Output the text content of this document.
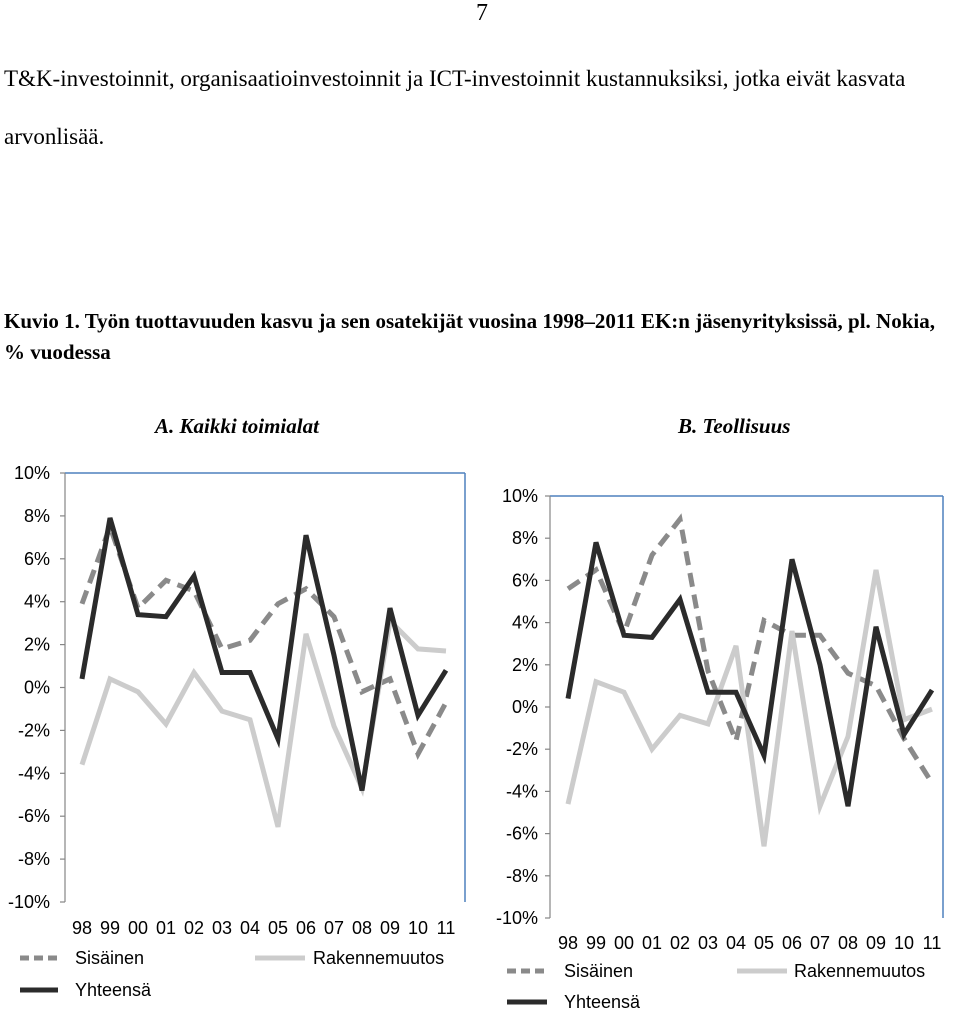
7
T&K-investoinnit, organisaatioinvestoinnit ja ICT-investoinnit kustannuksiksi, jotka eivät kasvata
arvonlisää.
Kuvio 1. Työn tuottavuuden kasvu ja sen osatekijät vuosina 1998–2011 EK:n jäsenyrityksissä, pl. Nokia, % vuodessa
A. Kaikki toimialat	B. Teollisuus
10%
8%
6%
4%
2%
0%
-2%
-4%
-6%
-8%
-10%
98 99 00 01 02 03 04 05 06 07 08 09 10 11
Sisäinen	Rakennemuutos
Yhteensä
10%
8%
6%
4%
2%
0%
-2%
-4%
-6%
-8%
-10%
98 99 00 01 02 03 04 05 06 07 08 09 10 11
Sisäinen	Rakennemuutos
Yhteensä
